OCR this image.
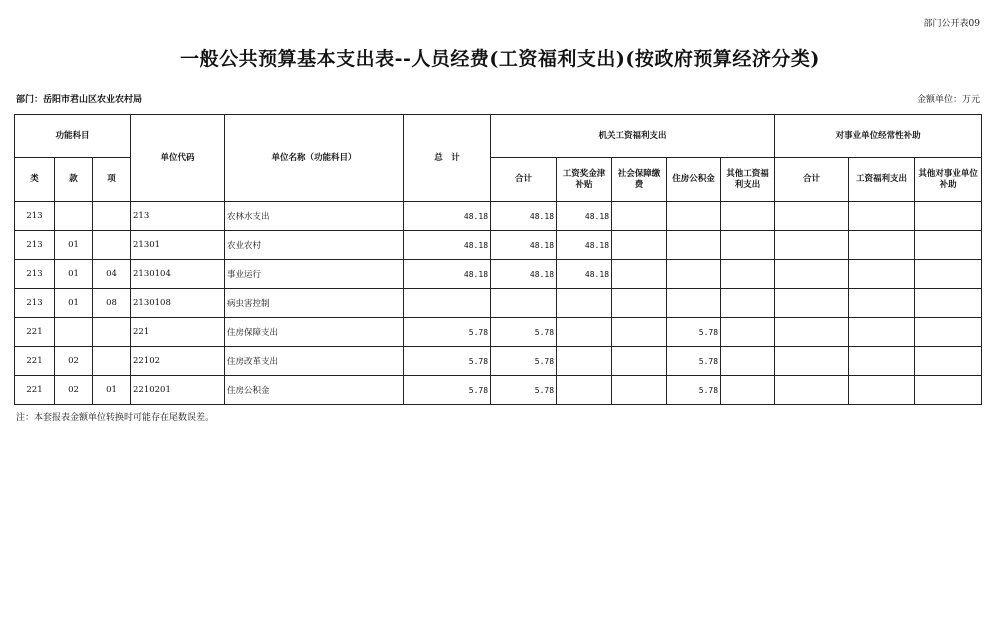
部门公开表09
一般公共预算基本支出表--人员经费(工资福利支出)(按政府预算经济分类)
部门：岳阳市君山区农业农村局	金额单位：万元
功能科目			单位代码	单位名称（功能科目）	总　计	机关工资福利支出					对事业单位经常性补助		
类	款	项				合计	工资奖金津补贴	社会保障缴费	住房公积金	其他工资福利支出	合计	工资福利支出	其他对事业单位补助
213			213	农林水支出	48.18	48.18	48.18						
213	01		21301	农业农村	48.18	48.18	48.18						
213	01	04	2130104	事业运行	48.18	48.18	48.18						
213	01	08	2130108	病虫害控制									
221			221	住房保障支出	5.78	5.78			5.78				
221	02		22102	住房改革支出	5.78	5.78			5.78				
221	02	01	2210201	住房公积金	5.78	5.78			5.78				
注：本套报表金额单位转换时可能存在尾数误差。
